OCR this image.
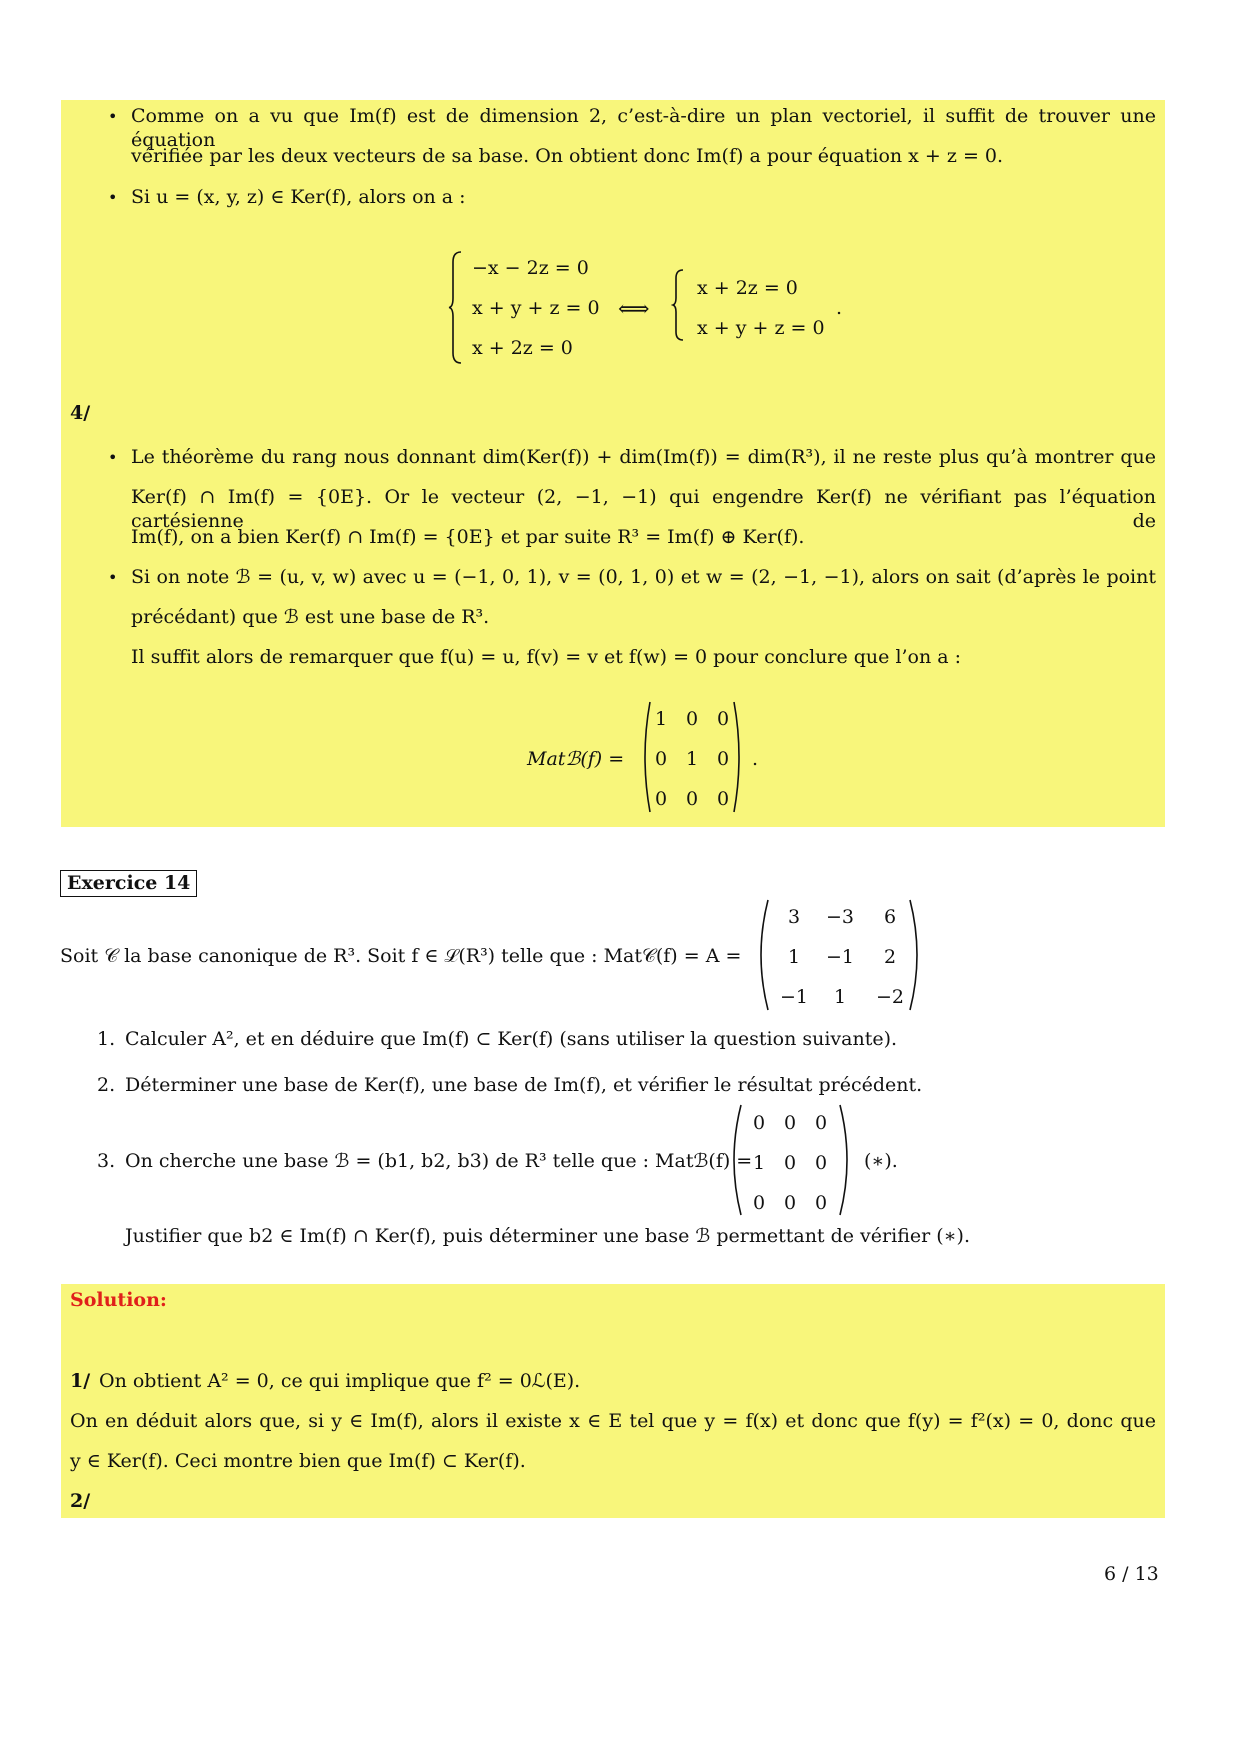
• Comme on a vu que Im(f) est de dimension 2, c’est-à-dire un plan vectoriel, il suffit de trouver une équation
vérifiée par les deux vecteurs de sa base. On obtient donc Im(f) a pour équation x + z = 0.
• Si u = (x, y, z) ∈ Ker(f), alors on a :
−x − 2z = 0
x + y + z = 0
x + 2z = 0
⟺
x + 2z = 0
x + y + z = 0
.
4/
• Le théorème du rang nous donnant dim(Ker(f)) + dim(Im(f)) = dim(R³), il ne reste plus qu’à montrer que
Ker(f) ∩ Im(f) = {0E}. Or le vecteur (2, −1, −1) qui engendre Ker(f) ne vérifiant pas l’équation cartésienne de
Im(f), on a bien Ker(f) ∩ Im(f) = {0E} et par suite R³ = Im(f) ⊕ Ker(f).
• Si on note ℬ = (u, v, w) avec u = (−1, 0, 1), v = (0, 1, 0) et w = (2, −1, −1), alors on sait (d’après le point
précédant) que ℬ est une base de R³.
Il suffit alors de remarquer que f(u) = u, f(v) = v et f(w) = 0 pour conclure que l’on a :
Matℬ(f) =
1 0 0
0 1 0
0 0 0
.
Exercice 14
Soit 𝒞 la base canonique de R³. Soit f ∈ ℒ(R³) telle que : Mat𝒞(f) = A =
3	−3	6
1	−1	2
−1	1	−2
1. Calculer A², et en déduire que Im(f) ⊂ Ker(f) (sans utiliser la question suivante).
2. Déterminer une base de Ker(f), une base de Im(f), et vérifier le résultat précédent.
3. On cherche une base ℬ = (b1, b2, b3) de R³ telle que : Matℬ(f) =
0 0 0
1 0 0
0 0 0
(∗).
Justifier que b2 ∈ Im(f) ∩ Ker(f), puis déterminer une base ℬ permettant de vérifier (∗).
Solution:
1/ On obtient A² = 0, ce qui implique que f² = 0ℒ(E).
On en déduit alors que, si y ∈ Im(f), alors il existe x ∈ E tel que y = f(x) et donc que f(y) = f²(x) = 0, donc que
y ∈ Ker(f). Ceci montre bien que Im(f) ⊂ Ker(f).
2/
6 / 13
